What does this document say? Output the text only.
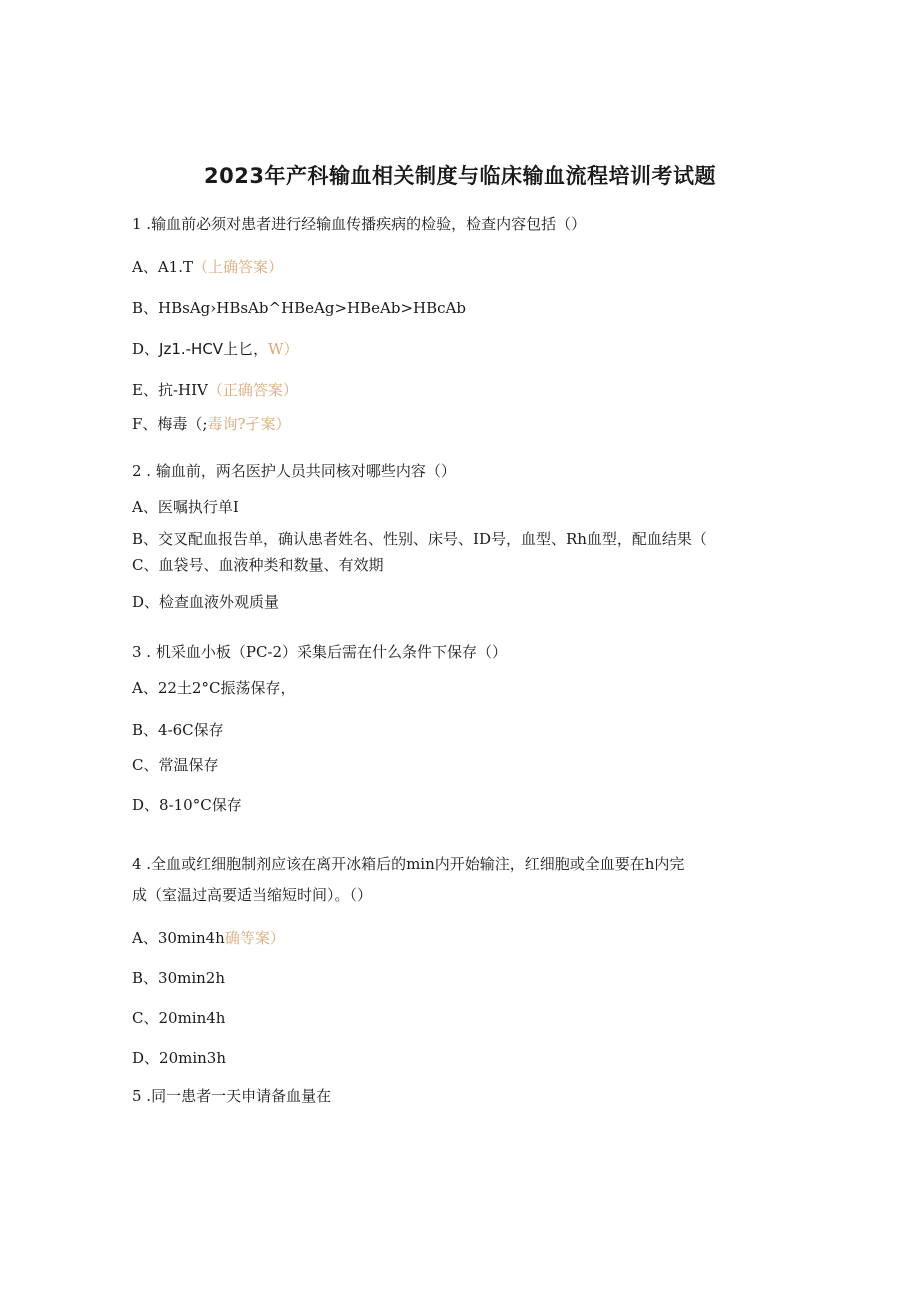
2023年产科输血相关制度与临床输血流程培训考试题
1 .输血前必须对患者进行经输血传播疾病的检验，检查内容包括（）
A、A1.T（上确答案）
B、HBsAg›HBsAb^HBeAg>HBeAb>HBcAb
D、Jz1.-HCV上匕，W）
E、抗-HIV（正确答案）
F、梅毒（;毒询?孑案）
2 . 输血前，两名医护人员共同核对哪些内容（）
A、医嘱执行单I
B、交叉配血报告单，确认患者姓名、性别、床号、ID号，血型、Rh血型，配血结果（
C、血袋号、血液种类和数量、有效期
D、检查血液外观质量
3 . 机采血小板（PC-2）采集后需在什么条件下保存（）
A、22土2°C振荡保存，
B、4-6C保存
C、常温保存
D、8-10°C保存
4 .全血或红细胞制剂应该在离开冰箱后的min内开始输注，红细胞或全血要在h内完
成（室温过高要适当缩短时间）。（）
A、30min4h确等案）
B、30min2h
C、20min4h
D、20min3h
5 .同一患者一天申请备血量在
